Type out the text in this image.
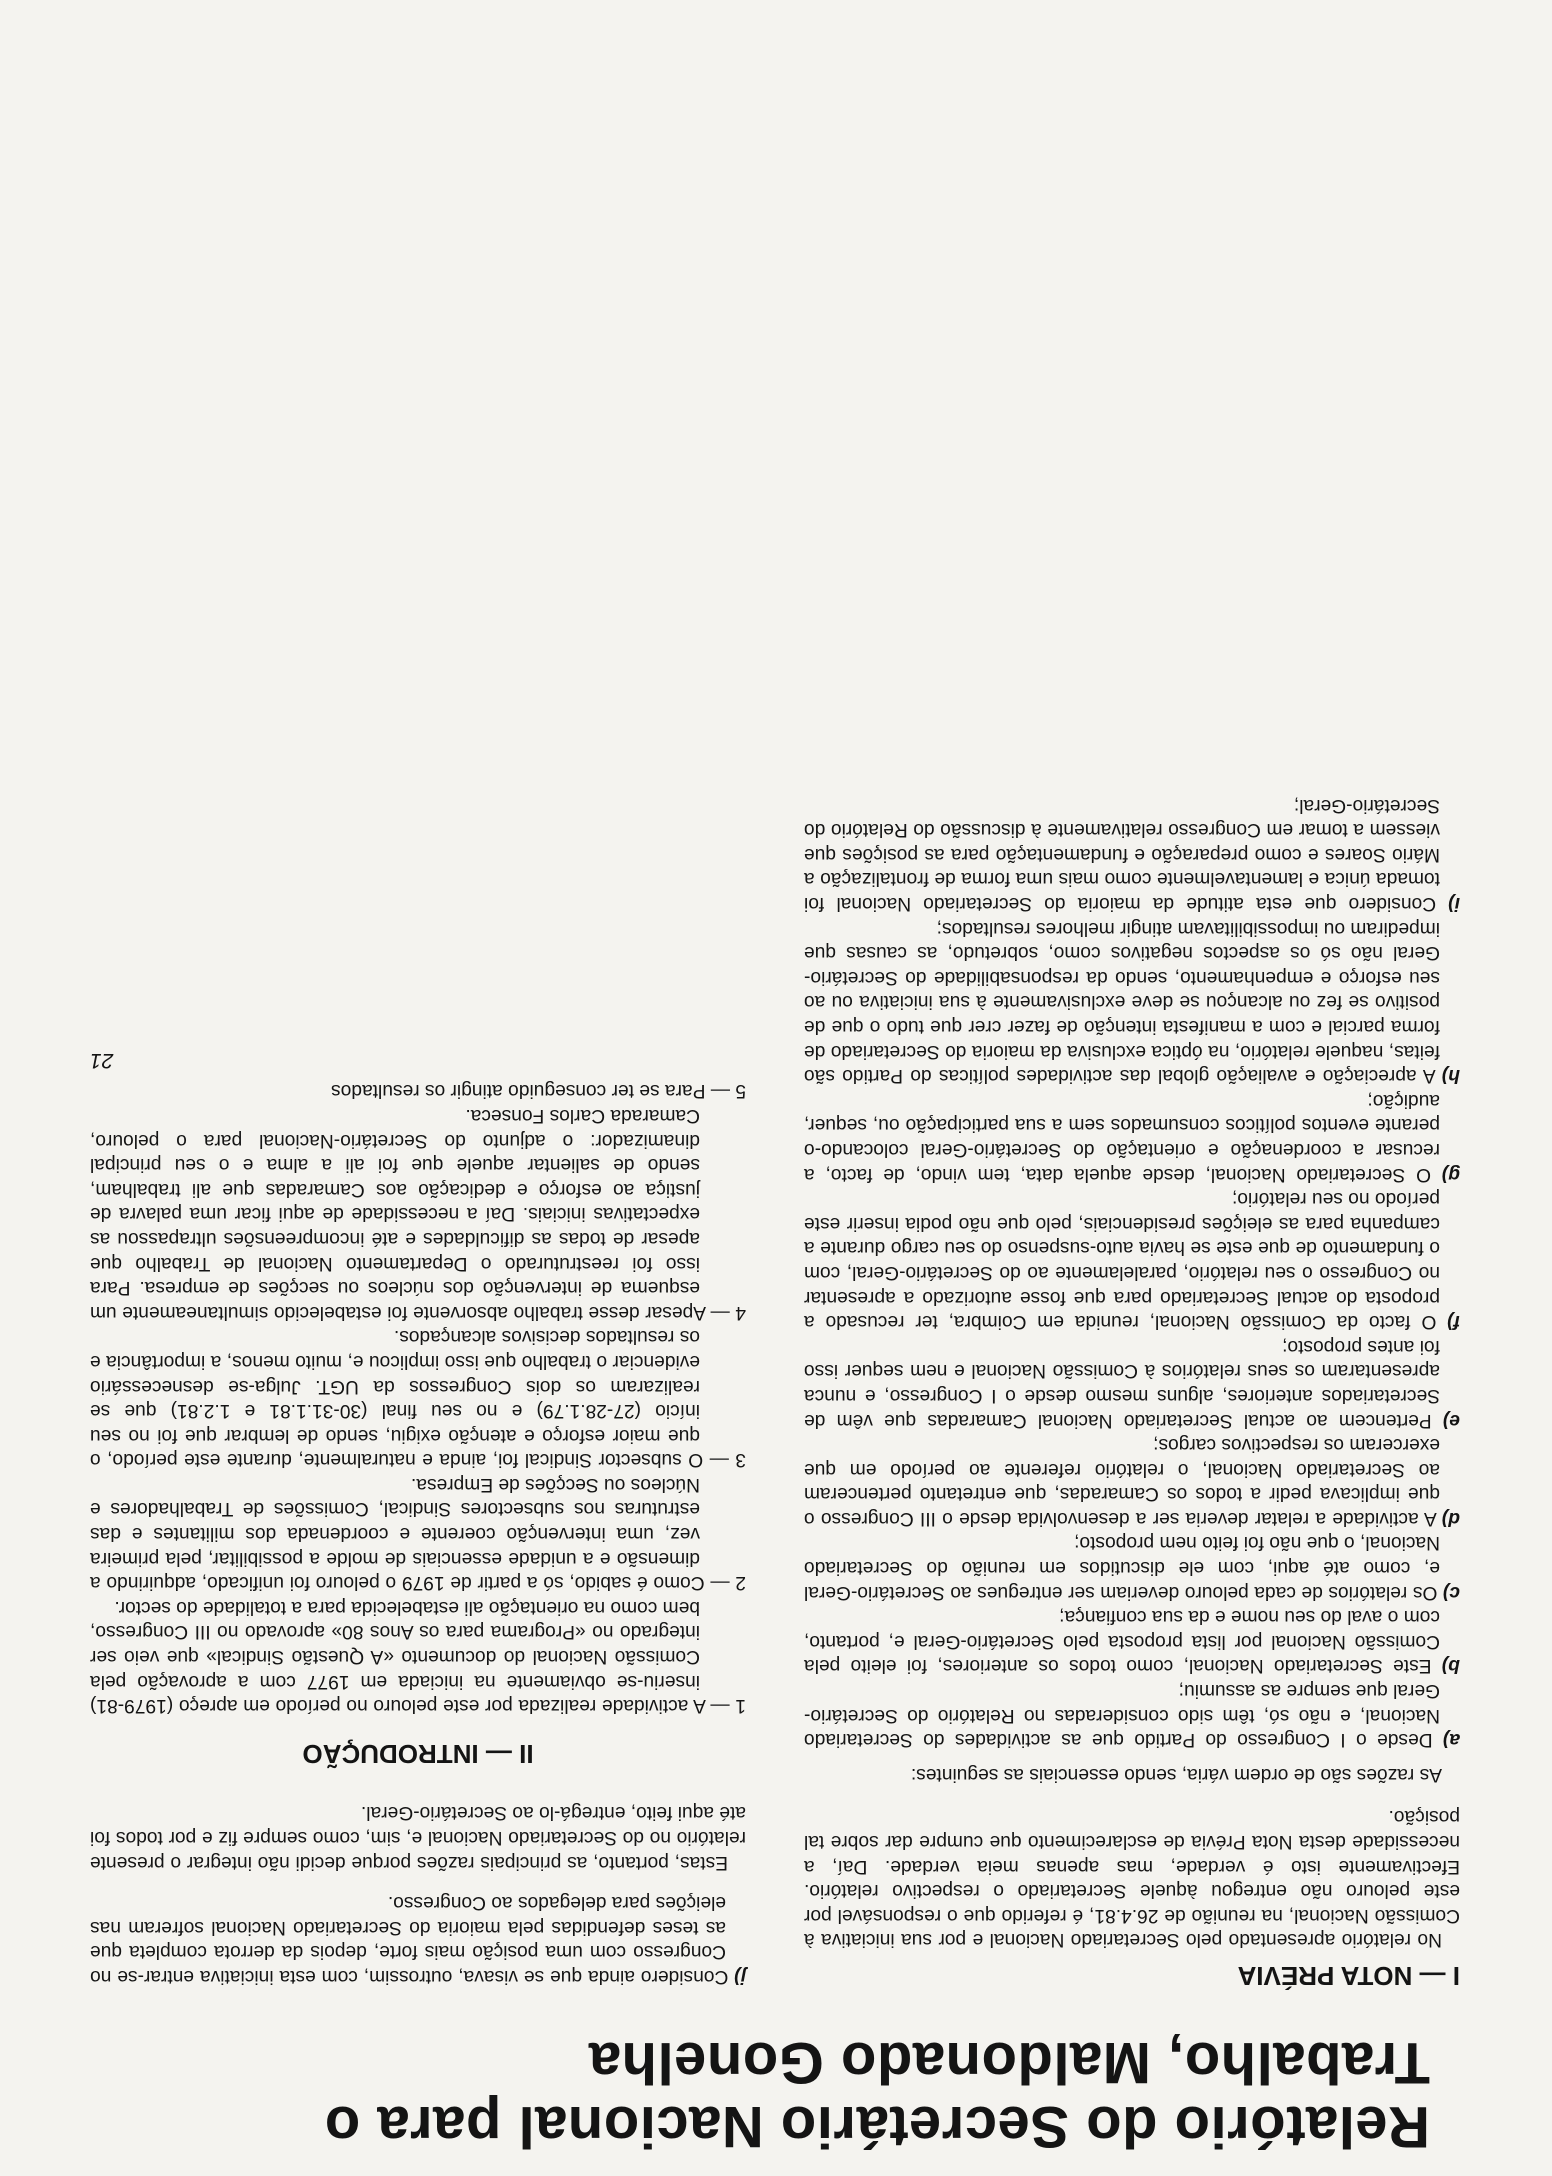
Relatório do Secretário Nacional para o Trabalho, Maldonado Gonelha
I — NOTA PRÉVIA

No relatório apresentado pelo Secretariado Nacional e por sua iniciativa à Comissão Nacional, na reunião de 26.4.81, é referido que o responsável por este pelouro não entregou àquele Secretariado o respectivo relatório. Efectivamente isto é verdade, mas apenas meia verdade. Daí, a necessidade desta Nota Prévia de esclarecimento que cumpre dar sobre tal posição.

As razões são de ordem vária, sendo essenciais as seguintes:

a) Desde o I Congresso do Partido que as actividades do Secretariado Nacional, e não só, têm sido consideradas no Relatório do Secretário-Geral que sempre as assumiu;
b) Este Secretariado Nacional, como todos os anteriores, foi eleito pela Comissão Nacional por lista proposta pelo Secretário-Geral e, portanto, com o aval do seu nome e da sua confiança;
c) Os relatórios de cada pelouro deveriam ser entregues ao Secretário-Geral e, como até aqui, com ele discutidos em reunião do Secretariado Nacional, o que não foi feito nem proposto;
d) A actividade a relatar deveria ser a desenvolvida desde o III Congresso o que implicava pedir a todos os Camaradas, que entretanto pertenceram ao Secretariado Nacional, o relatório referente ao período em que exerceram os respectivos cargos;
e) Pertencem ao actual Secretariado Nacional Camaradas que vêm de Secretariados anteriores, alguns mesmo desde o I Congresso, e nunca apresentaram os seus relatórios à Comissão Nacional e nem sequer isso foi antes proposto;
f) O facto da Comissão Nacional, reunida em Coimbra, ter recusado a proposta do actual Secretariado para que fosse autorizado a apresentar no Congresso o seu relatório, paralelamente ao do Secretário-Geral, com o fundamento de que este se havia auto-suspenso do seu cargo durante a campanha para as eleições presidenciais, pelo que não podia inserir este período no seu relatório;
g) O Secretariado Nacional, desde aquela data, tem vindo, de facto, a recusar a coordenação e orientação do Secretário-Geral colocando-o perante eventos políticos consumados sem a sua participação ou, sequer, audição;
h) A apreciação e avaliação global das actividades políticas do Partido são feitas, naquele relatório, na óptica exclusiva da maioria do Secretariado de forma parcial e com a manifesta intenção de fazer crer que tudo o que de positivo se fez ou alcançou se deve exclusivamente à sua iniciativa ou ao seu esforço e empenhamento, sendo da responsabilidade do Secretário-Geral não só os aspectos negativos como, sobretudo, as causas que impediram ou impossibilitavam atingir melhores resultados;
i) Considero que esta atitude da maioria do Secretariado Nacional foi tomada única e lamentavelmente como mais uma forma de frontalização a Mário Soares e como preparação e fundamentação para as posições que viessem a tomar em Congresso relativamente à discussão do Relatório do Secretário-Geral;
j) Considero ainda que se visava, outrossim, com esta iniciativa entrar-se no Congresso com uma posição mais forte, depois da derrota completa que as teses defendidas pela maioria do Secretariado Nacional sofreram nas eleições para delegados ao Congresso.

Estas, portanto, as principais razões porque decidi não integrar o presente relatório no do Secretariado Nacional e, sim, como sempre fiz e por todos foi até aqui feito, entregá-lo ao Secretário-Geral.

II — INTRODUÇÃO
1 — A actividade realizada por este pelouro no período em apreço (1979-81) inseriu-se obviamente na iniciada em 1977 com a aprovação pela Comissão Nacional do documento «A Questão Sindical» que veio ser integrado no «Programa para os Anos 80» aprovado no III Congresso, bem como na orientação ali estabelecida para a totalidade do sector.
2 — Como é sabido, só a partir de 1979 o pelouro foi unificado, adquirindo a dimensão e a unidade essenciais de molde a possibilitar, pela primeira vez, uma intervenção coerente e coordenada dos militantes e das estruturas nos subsectores Sindical, Comissões de Trabalhadores e Núcleos ou Secções de Empresa.
3 — O subsector Sindical foi, ainda e naturalmente, durante este período, o que maior esforço e atenção exigiu, sendo de lembrar que foi no seu início (27-28.1.79) e no seu final (30-31.1.81 e 1.2.81) que se realizaram os dois Congressos da UGT. Julga-se desnecessário evidenciar o trabalho que isso implicou e, muito menos, a importância e os resultados decisivos alcançados.
4 — Apesar desse trabalho absorvente foi estabelecido simultaneamente um esquema de intervenção dos núcleos ou secções de empresa. Para isso foi reestruturado o Departamento Nacional de Trabalho que apesar de todas as dificuldades e até incompreensões ultrapassou as expectativas iniciais. Daí a necessidade de aqui ficar uma palavra de justiça ao esforço e dedicação aos Camaradas que ali trabalham, sendo de salientar aquele que foi ali a alma e o seu principal dinamizador: o adjunto do Secretário-Nacional para o pelouro, Camarada Carlos Fonseca.
5 — Para se ter conseguido atingir os resultados
21
